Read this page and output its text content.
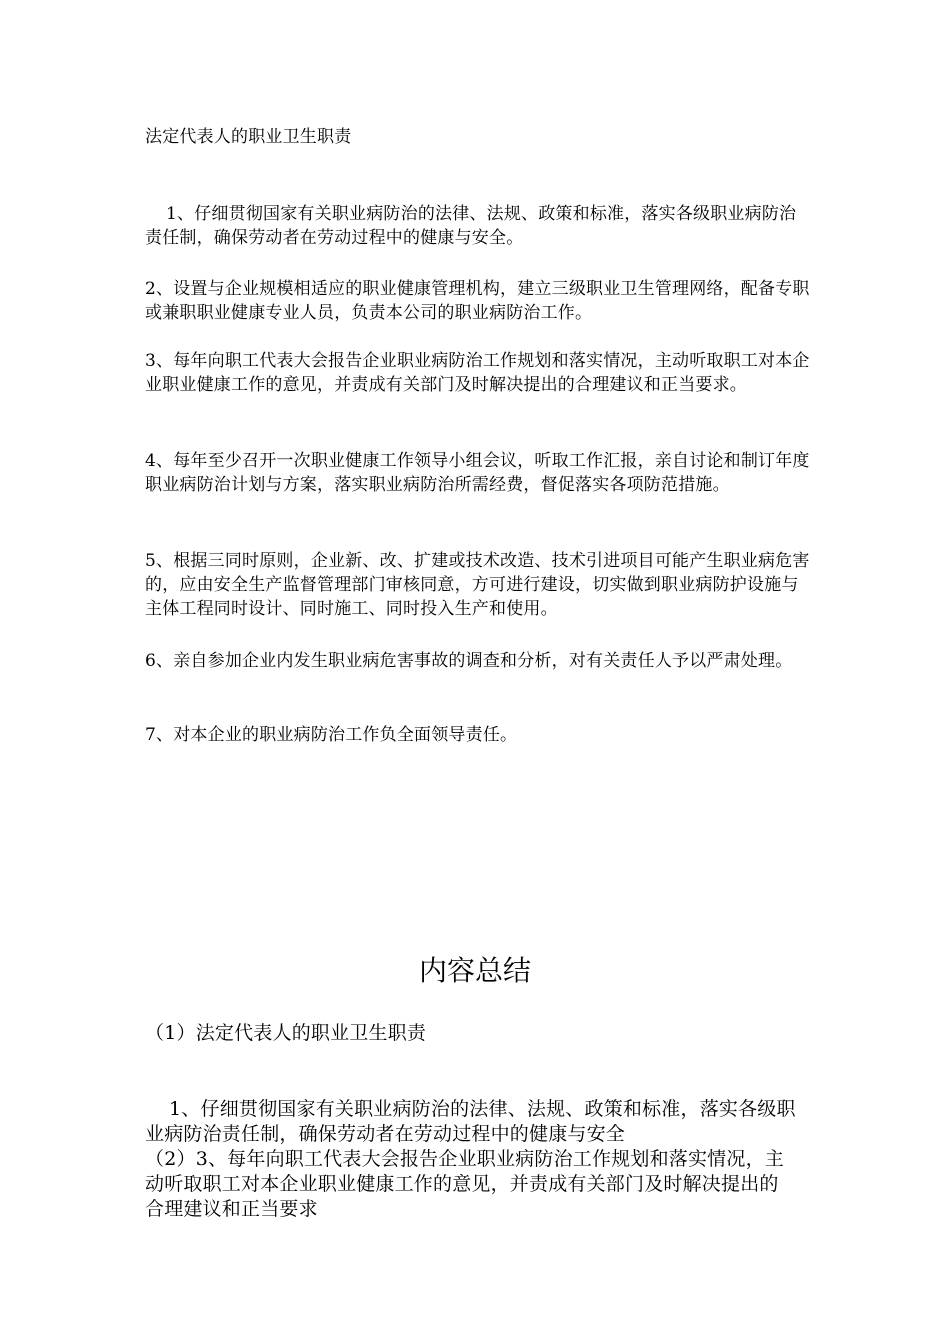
法定代表人的职业卫生职责

1、仔细贯彻国家有关职业病防治的法律、法规、政策和标准，落实各级职业病防治责任制，确保劳动者在劳动过程中的健康与安全。

2、设置与企业规模相适应的职业健康管理机构，建立三级职业卫生管理网络，配备专职或兼职职业健康专业人员，负责本公司的职业病防治工作。

3、每年向职工代表大会报告企业职业病防治工作规划和落实情况，主动听取职工对本企业职业健康工作的意见，并责成有关部门及时解决提出的合理建议和正当要求。

4、每年至少召开一次职业健康工作领导小组会议，听取工作汇报，亲自讨论和制订年度职业病防治计划与方案，落实职业病防治所需经费，督促落实各项防范措施。

5、根据三同时原则，企业新、改、扩建或技术改造、技术引进项目可能产生职业病危害的，应由安全生产监督管理部门审核同意，方可进行建设，切实做到职业病防护设施与主体工程同时设计、同时施工、同时投入生产和使用。

6、亲自参加企业内发生职业病危害事故的调查和分析，对有关责任人予以严肃处理。

7、对本企业的职业病防治工作负全面领导责任。

内容总结

（1）法定代表人的职业卫生职责

1、仔细贯彻国家有关职业病防治的法律、法规、政策和标准，落实各级职业病防治责任制，确保劳动者在劳动过程中的健康与安全

（2）3、每年向职工代表大会报告企业职业病防治工作规划和落实情况，主动听取职工对本企业职业健康工作的意见，并责成有关部门及时解决提出的合理建议和正当要求
